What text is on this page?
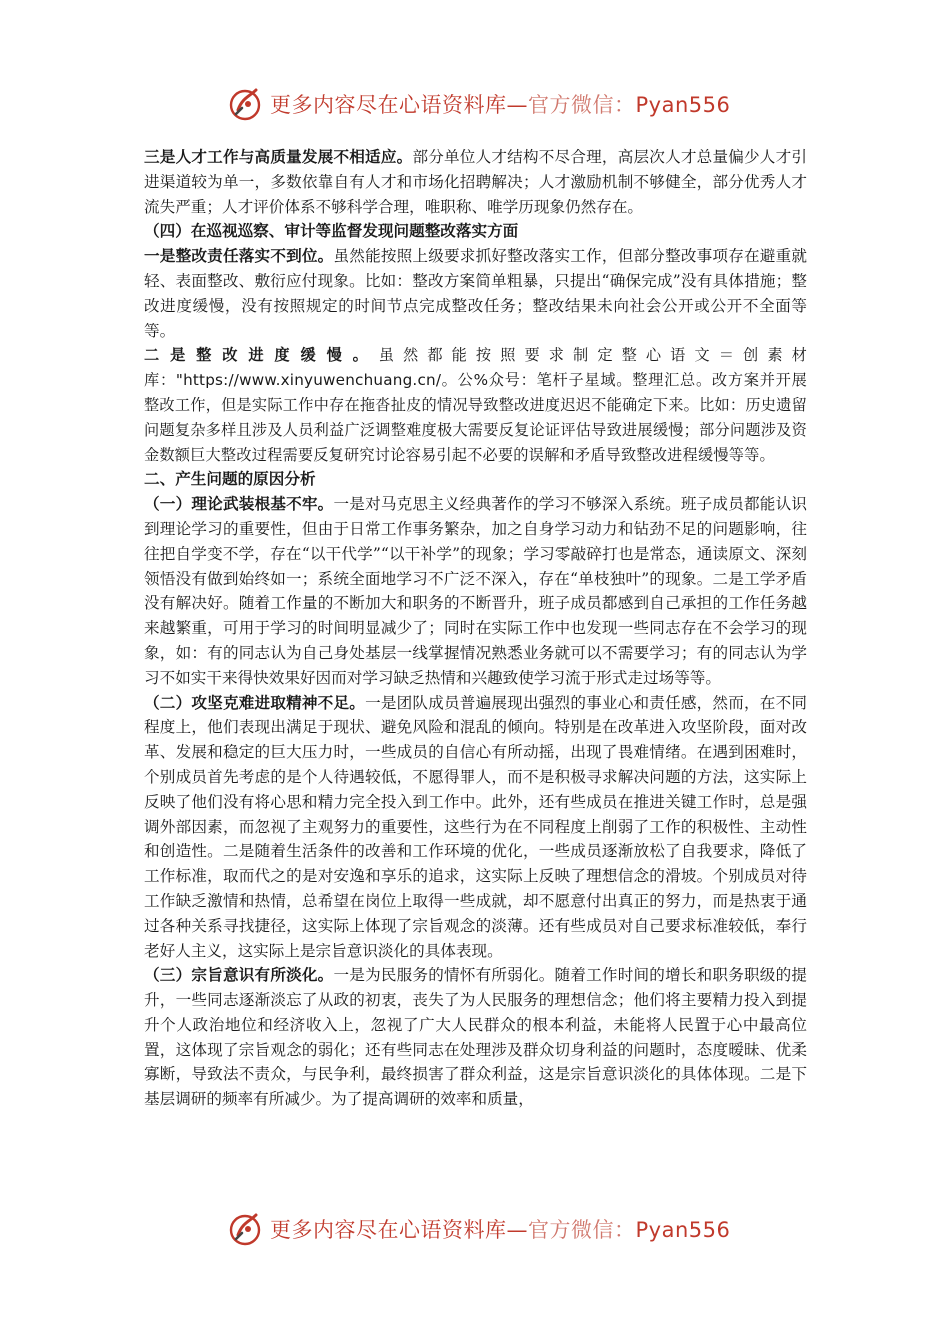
更多内容尽在心语资料库—官方微信：Pyan556

三是人才工作与高质量发展不相适应。部分单位人才结构不尽合理，高层次人才总量偏少人才引进渠道较为单一，多数依靠自有人才和市场化招聘解决；人才激励机制不够健全，部分优秀人才流失严重；人才评价体系不够科学合理，唯职称、唯学历现象仍然存在。

（四）在巡视巡察、审计等监督发现问题整改落实方面

一是整改责任落实不到位。虽然能按照上级要求抓好整改落实工作，但部分整改事项存在避重就轻、表面整改、敷衍应付现象。比如：整改方案简单粗暴，只提出“确保完成”没有具体措施；整改进度缓慢，没有按照规定的时间节点完成整改任务；整改结果未向社会公开或公开不全面等等。

二是整改进度缓慢。虽然都能按照要求制定整心语文＝创素材库："https://www.xinyuwenchuang.cn/。公%众号：笔杆子星域。整理汇总。改方案并开展整改工作，但是实际工作中存在拖沓扯皮的情况导致整改进度迟迟不能确定下来。比如：历史遗留问题复杂多样且涉及人员利益广泛调整难度极大需要反复论证评估导致进展缓慢；部分问题涉及资金数额巨大整改过程需要反复研究讨论容易引起不必要的误解和矛盾导致整改进程缓慢等等。

二、产生问题的原因分析

（一）理论武装根基不牢。一是对马克思主义经典著作的学习不够深入系统。班子成员都能认识到理论学习的重要性，但由于日常工作事务繁杂，加之自身学习动力和钻劲不足的问题影响，往往把自学变不学，存在“以干代学”“以干补学”的现象；学习零敲碎打也是常态，通读原文、深刻领悟没有做到始终如一；系统全面地学习不广泛不深入，存在“单枝独叶”的现象。二是工学矛盾没有解决好。随着工作量的不断加大和职务的不断晋升，班子成员都感到自己承担的工作任务越来越繁重，可用于学习的时间明显减少了；同时在实际工作中也发现一些同志存在不会学习的现象，如：有的同志认为自己身处基层一线掌握情况熟悉业务就可以不需要学习；有的同志认为学习不如实干来得快效果好因而对学习缺乏热情和兴趣致使学习流于形式走过场等等。

（二）攻坚克难进取精神不足。一是团队成员普遍展现出强烈的事业心和责任感，然而，在不同程度上，他们表现出满足于现状、避免风险和混乱的倾向。特别是在改革进入攻坚阶段，面对改革、发展和稳定的巨大压力时，一些成员的自信心有所动摇，出现了畏难情绪。在遇到困难时，个别成员首先考虑的是个人待遇较低，不愿得罪人，而不是积极寻求解决问题的方法，这实际上反映了他们没有将心思和精力完全投入到工作中。此外，还有些成员在推进关键工作时，总是强调外部因素，而忽视了主观努力的重要性，这些行为在不同程度上削弱了工作的积极性、主动性和创造性。二是随着生活条件的改善和工作环境的优化，一些成员逐渐放松了自我要求，降低了工作标准，取而代之的是对安逸和享乐的追求，这实际上反映了理想信念的滑坡。个别成员对待工作缺乏激情和热情，总希望在岗位上取得一些成就，却不愿意付出真正的努力，而是热衷于通过各种关系寻找捷径，这实际上体现了宗旨观念的淡薄。还有些成员对自己要求标准较低，奉行老好人主义，这实际上是宗旨意识淡化的具体表现。

（三）宗旨意识有所淡化。一是为民服务的情怀有所弱化。随着工作时间的增长和职务职级的提升，一些同志逐渐淡忘了从政的初衷，丧失了为人民服务的理想信念；他们将主要精力投入到提升个人政治地位和经济收入上，忽视了广大人民群众的根本利益，未能将人民置于心中最高位置，这体现了宗旨观念的弱化；还有些同志在处理涉及群众切身利益的问题时，态度暧昧、优柔寡断，导致法不责众，与民争利，最终损害了群众利益，这是宗旨意识淡化的具体体现。二是下基层调研的频率有所减少。为了提高调研的效率和质量，

更多内容尽在心语资料库—官方微信：Pyan556
